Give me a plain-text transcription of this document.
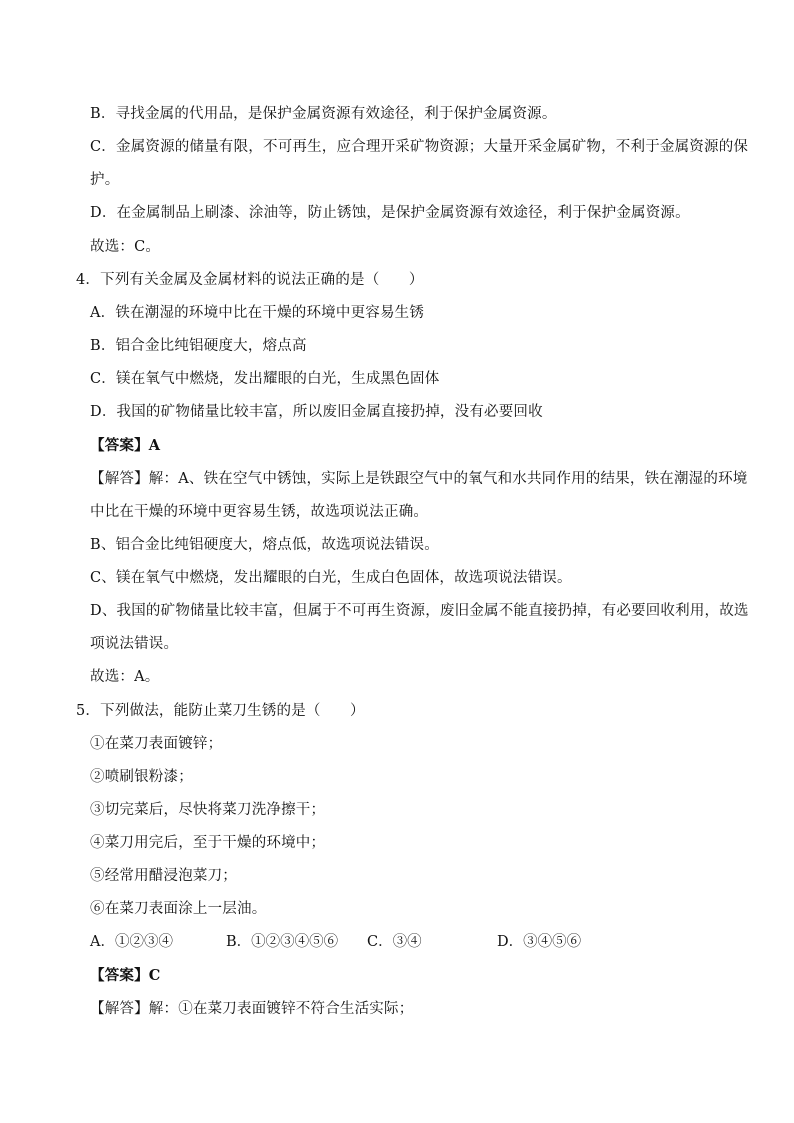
B．寻找金属的代用品，是保护金属资源有效途径，利于保护金属资源。
C．金属资源的储量有限，不可再生，应合理开采矿物资源；大量开采金属矿物，不利于金属资源的保
护。
D．在金属制品上刷漆、涂油等，防止锈蚀，是保护金属资源有效途径，利于保护金属资源。
故选：C。
4．下列有关金属及金属材料的说法正确的是（　　）
A．铁在潮湿的环境中比在干燥的环境中更容易生锈
B．铝合金比纯铝硬度大，熔点高
C．镁在氧气中燃烧，发出耀眼的白光，生成黑色固体
D．我国的矿物储量比较丰富，所以废旧金属直接扔掉，没有必要回收
【答案】A
【解答】解：A、铁在空气中锈蚀，实际上是铁跟空气中的氧气和水共同作用的结果，铁在潮湿的环境
中比在干燥的环境中更容易生锈，故选项说法正确。
B、铝合金比纯铝硬度大，熔点低，故选项说法错误。
C、镁在氧气中燃烧，发出耀眼的白光，生成白色固体，故选项说法错误。
D、我国的矿物储量比较丰富，但属于不可再生资源，废旧金属不能直接扔掉，有必要回收利用，故选
项说法错误。
故选：A。
5．下列做法，能防止菜刀生锈的是（　　）
①在菜刀表面镀锌；
②喷刷银粉漆；
③切完菜后，尽快将菜刀洗净擦干；
④菜刀用完后，至于干燥的环境中；
⑤经常用醋浸泡菜刀；
⑥在菜刀表面涂上一层油。
A．①②③④	B．①②③④⑤⑥ C．③④	D．③④⑤⑥
【答案】C
【解答】解：①在菜刀表面镀锌不符合生活实际；
